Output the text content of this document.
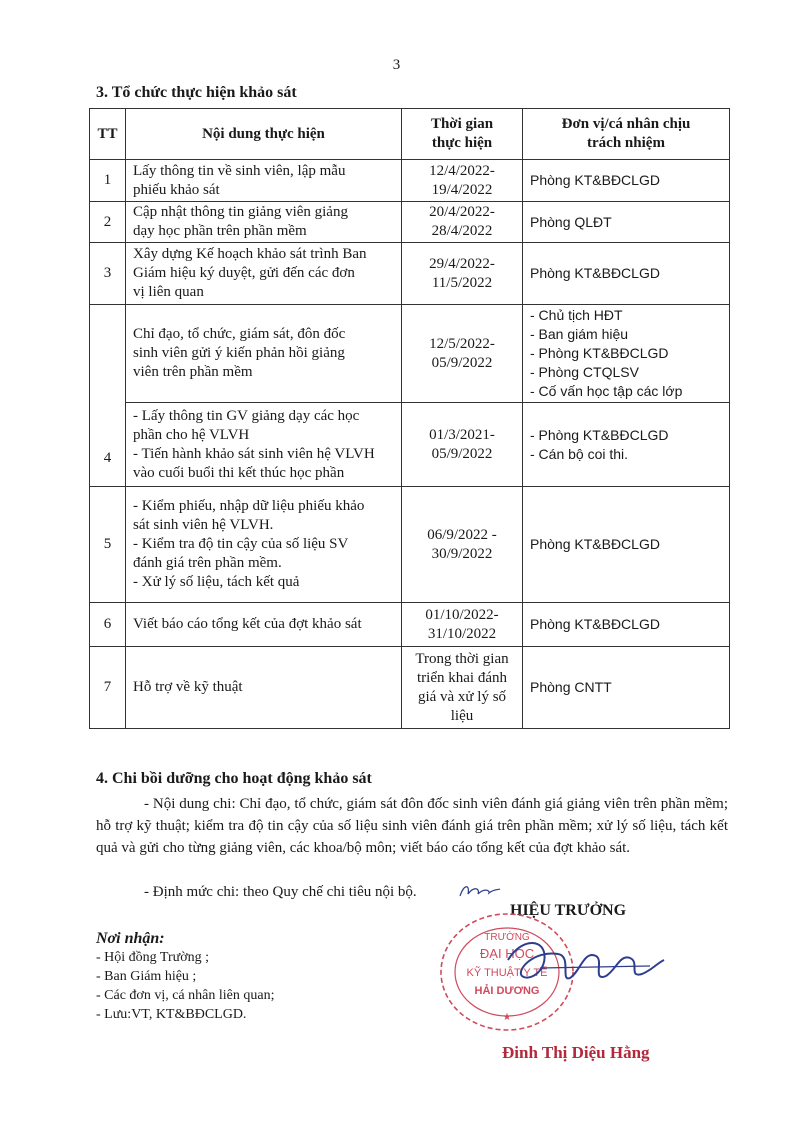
3
3. Tổ chức thực hiện khảo sát
TT	Nội dung thực hiện	Thời gian
thực hiện	Đơn vị/cá nhân chịu
trách nhiệm

1	Lấy thông tin về sinh viên, lập mẫu
phiếu khảo sát	12/4/2022-
19/4/2022	Phòng KT&BĐCLGD

2	Cập nhật thông tin giảng viên giảng
dạy học phần trên phần mềm	20/4/2022-
28/4/2022	Phòng QLĐT

3	Xây dựng Kế hoạch khảo sát trình Ban
Giám hiệu ký duyệt, gửi đến các đơn
vị liên quan	29/4/2022-
11/5/2022	Phòng KT&BĐCLGD

4	Chỉ đạo, tổ chức, giám sát, đôn đốc
sinh viên gửi ý kiến phản hồi giảng
viên trên phần mềm	12/5/2022-
05/9/2022	- Chủ tịch HĐT
- Ban giám hiệu
- Phòng KT&BĐCLGD
- Phòng CTQLSV
- Cố vấn học tập các lớp

	- Lấy thông tin GV giảng dạy các học
phần cho hệ VLVH
- Tiến hành khảo sát sinh viên hệ VLVH
vào cuối buổi thi kết thúc học phần	01/3/2021-
05/9/2022	- Phòng KT&BĐCLGD
- Cán bộ coi thi.

5	- Kiểm phiếu, nhập dữ liệu phiếu khảo
sát sinh viên hệ VLVH.
- Kiểm tra độ tin cậy của số liệu SV
đánh giá trên phần mềm.
- Xử lý số liệu, tách kết quả	06/9/2022 -
30/9/2022	Phòng KT&BĐCLGD

6	Viết báo cáo tổng kết của đợt khảo sát	01/10/2022-
31/10/2022	Phòng KT&BĐCLGD

7	Hỗ trợ về kỹ thuật	Trong thời gian
triển khai đánh
giá và xử lý số
liệu	Phòng CNTT
4. Chi bồi dưỡng cho hoạt động khảo sát
- Nội dung chi: Chỉ đạo, tổ chức, giám sát đôn đốc sinh viên đánh giá giảng viên trên phần mềm; hỗ trợ kỹ thuật; kiểm tra độ tin cậy của số liệu sinh viên đánh giá trên phần mềm; xử lý số liệu, tách kết quả và gửi cho từng giảng viên, các khoa/bộ môn; viết báo cáo tổng kết của đợt khảo sát.
- Định mức chi: theo Quy chế chi tiêu nội bộ.
HIỆU TRƯỞNG
Nơi nhận:
- Hội đồng Trường ;
- Ban Giám hiệu ;
- Các đơn vị, cá nhân liên quan;
- Lưu:VT, KT&BĐCLGD.
TRƯỜNG
ĐẠI HỌC
KỸ THUẬT Y TẾ
HẢI DƯƠNG
★
Đinh Thị Diệu Hằng
